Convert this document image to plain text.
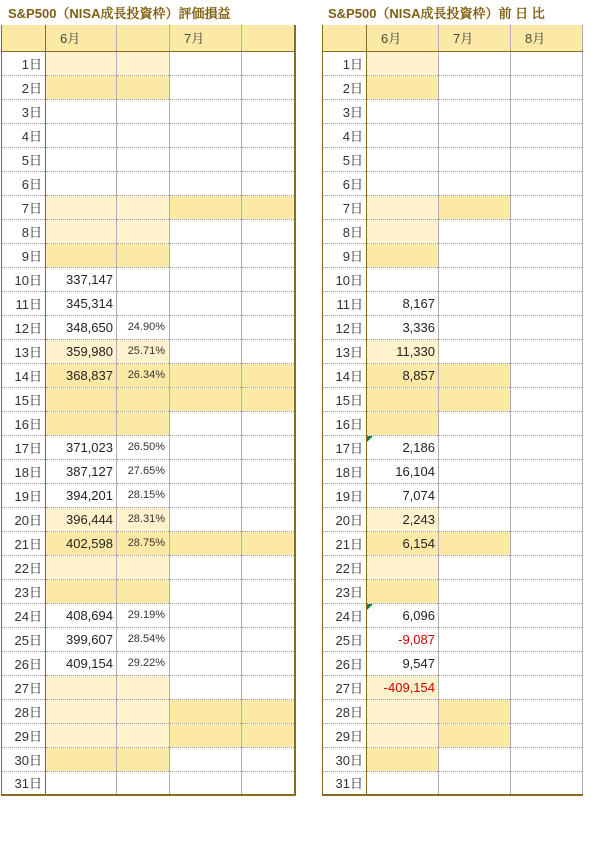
S&P500（NISA成長投資枠）評価損益
	6月		7月	
1日				
2日				
3日				
4日				
5日				
6日				
7日				
8日				
9日				
10日	337,147			
11日	345,314			
12日	348,650	24.90%		
13日	359,980	25.71%		
14日	368,837	26.34%		
15日				
16日				
17日	371,023	26.50%		
18日	387,127	27.65%		
19日	394,201	28.15%		
20日	396,444	28.31%		
21日	402,598	28.75%		
22日				
23日				
24日	408,694	29.19%		
25日	399,607	28.54%		
26日	409,154	29.22%		
27日				
28日				
29日				
30日				
31日				
S&P500（NISA成長投資枠）前 日 比
	6月	7月	8月
1日			
2日			
3日			
4日			
5日			
6日			
7日			
8日			
9日			
10日			
11日	8,167		
12日	3,336		
13日	11,330		
14日	8,857		
15日			
16日			
17日	2,186		
18日	16,104		
19日	7,074		
20日	2,243		
21日	6,154		
22日			
23日			
24日	6,096		
25日	-9,087		
26日	9,547		
27日	-409,154		
28日			
29日			
30日			
31日			
